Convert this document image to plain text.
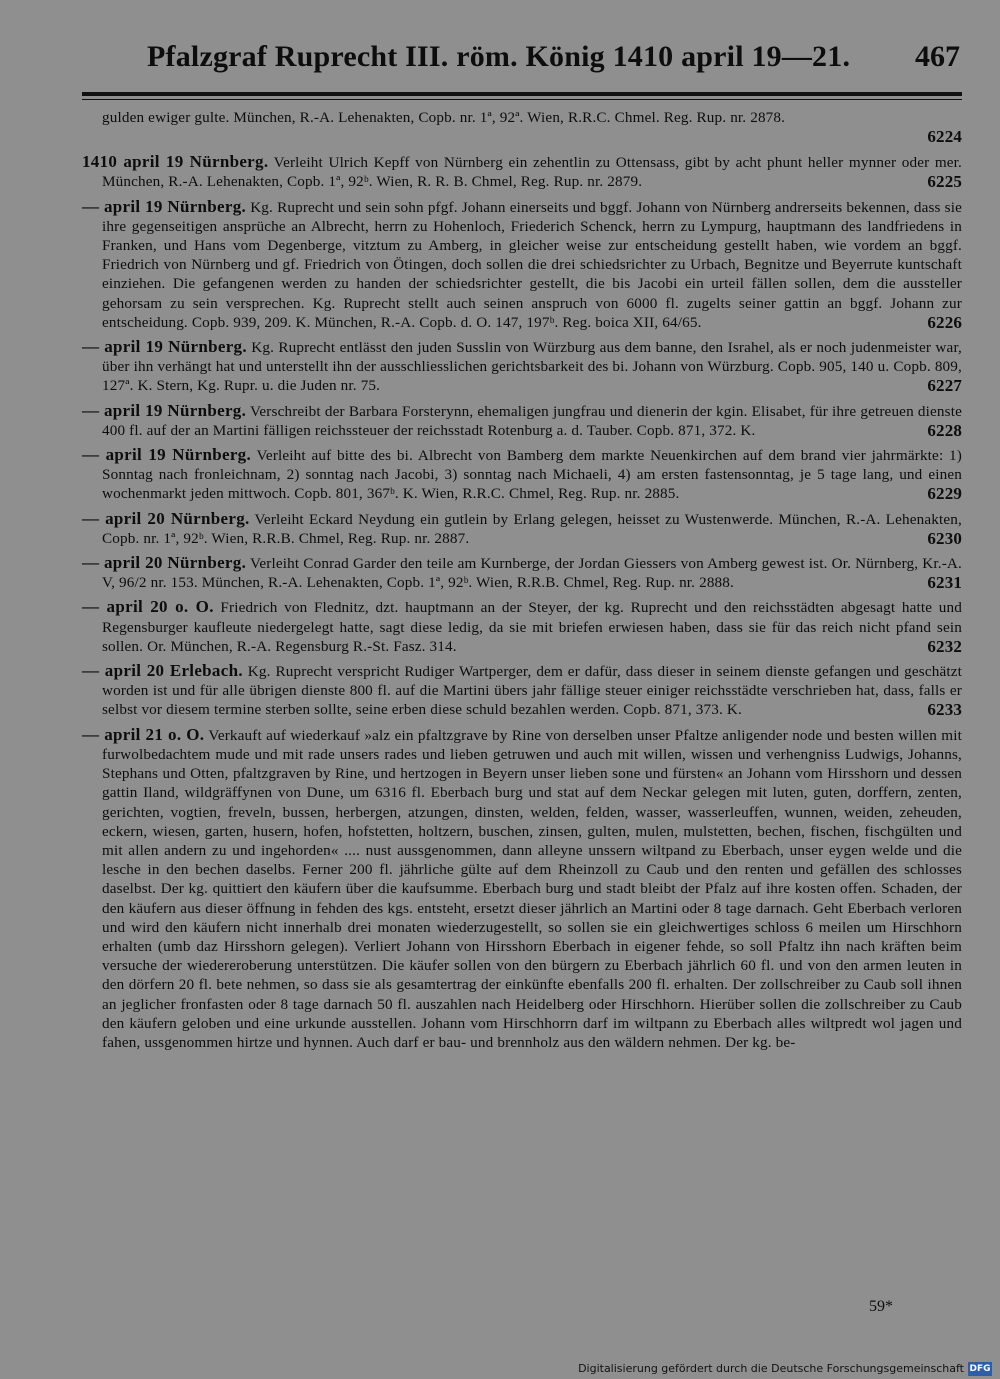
Pfalzgraf Ruprecht III. röm. König 1410 april 19—21. 467
gulden ewiger gulte. München, R.-A. Lehenakten, Copb. nr. 1ª, 92ª. Wien, R.R.C. Chmel. Reg. Rup. nr. 2878.
6224
1410 april 19 Nürnberg. Verleiht Ulrich Kepff von Nürnberg ein zehentlin zu Ottensass, gibt by acht phunt heller mynner oder mer. München, R.-A. Lehenakten, Copb. 1ª, 92ᵇ. Wien, R. R. B. Chmel, Reg. Rup. nr. 2879.	6225
— april 19 Nürnberg. Kg. Ruprecht und sein sohn pfgf. Johann einerseits und bggf. Johann von Nürnberg andrerseits bekennen, dass sie ihre gegenseitigen ansprüche an Albrecht, herrn zu Hohenloch, Friederich Schenck, herrn zu Lympurg, hauptmann des landfriedens in Franken, und Hans vom Degenberge, vitztum zu Amberg, in gleicher weise zur entscheidung gestellt haben, wie vordem an bggf. Friedrich von Nürnberg und gf. Friedrich von Ötingen, doch sollen die drei schiedsrichter zu Urbach, Begnitze und Beyerrute kuntschaft einziehen. Die gefangenen werden zu handen der schiedsrichter gestellt, die bis Jacobi ein urteil fällen sollen, dem die aussteller gehorsam zu sein versprechen. Kg. Ruprecht stellt auch seinen anspruch von 6000 fl. zugelts seiner gattin an bggf. Johann zur entscheidung. Copb. 939, 209. K. München, R.-A. Copb. d. O. 147, 197ᵇ. Reg. boica XII, 64/65.	6226
— april 19 Nürnberg. Kg. Ruprecht entlässt den juden Susslin von Würzburg aus dem banne, den Israhel, als er noch judenmeister war, über ihn verhängt hat und unterstellt ihn der ausschliesslichen gerichtsbarkeit des bi. Johann von Würzburg. Copb. 905, 140 u. Copb. 809, 127ª. K. Stern, Kg. Rupr. u. die Juden nr. 75.	6227
— april 19 Nürnberg. Verschreibt der Barbara Forsterynn, ehemaligen jungfrau und dienerin der kgin. Elisabet, für ihre getreuen dienste 400 fl. auf der an Martini fälligen reichssteuer der reichsstadt Rotenburg a. d. Tauber. Copb. 871, 372. K.	6228
— april 19 Nürnberg. Verleiht auf bitte des bi. Albrecht von Bamberg dem markte Neuenkirchen auf dem brand vier jahrmärkte: 1) Sonntag nach fronleichnam, 2) sonntag nach Jacobi, 3) sonntag nach Michaeli, 4) am ersten fastensonntag, je 5 tage lang, und einen wochenmarkt jeden mittwoch. Copb. 801, 367ᵇ. K. Wien, R.R.C. Chmel, Reg. Rup. nr. 2885.	6229
— april 20 Nürnberg. Verleiht Eckard Neydung ein gutlein by Erlang gelegen, heisset zu Wustenwerde. München, R.-A. Lehenakten, Copb. nr. 1ª, 92ᵇ. Wien, R.R.B. Chmel, Reg. Rup. nr. 2887.	6230
— april 20 Nürnberg. Verleiht Conrad Garder den teile am Kurnberge, der Jordan Giessers von Amberg gewest ist. Or. Nürnberg, Kr.-A. V, 96/2 nr. 153. München, R.-A. Lehenakten, Copb. 1ª, 92ᵇ. Wien, R.R.B. Chmel, Reg. Rup. nr. 2888.	6231
— april 20 o. O. Friedrich von Flednitz, dzt. hauptmann an der Steyer, der kg. Ruprecht und den reichsstädten abgesagt hatte und Regensburger kaufleute niedergelegt hatte, sagt diese ledig, da sie mit briefen erwiesen haben, dass sie für das reich nicht pfand sein sollen. Or. München, R.-A. Regensburg R.-St. Fasz. 314.	6232
— april 20 Erlebach. Kg. Ruprecht verspricht Rudiger Wartperger, dem er dafür, dass dieser in seinem dienste gefangen und geschätzt worden ist und für alle übrigen dienste 800 fl. auf die Martini übers jahr fällige steuer einiger reichsstädte verschrieben hat, dass, falls er selbst vor diesem termine sterben sollte, seine erben diese schuld bezahlen werden. Copb. 871, 373. K.	6233
— april 21 o. O. Verkauft auf wiederkauf »alz ein pfaltzgrave by Rine von derselben unser Pfaltze anligender node und besten willen mit furwolbedachtem mude und mit rade unsers rades und lieben getruwen und auch mit willen, wissen und verhengniss Ludwigs, Johanns, Stephans und Otten, pfaltzgraven by Rine, und hertzogen in Beyern unser lieben sone und fürsten« an Johann vom Hirsshorn und dessen gattin Iland, wildgräffynen von Dune, um 6316 fl. Eberbach burg und stat auf dem Neckar gelegen mit luten, guten, dorffern, zenten, gerichten, vogtien, freveln, bussen, herbergen, atzungen, dinsten, welden, felden, wasser, wasserleuffen, wunnen, weiden, zeheuden, eckern, wiesen, garten, husern, hofen, hofstetten, holtzern, buschen, zinsen, gulten, mulen, mulstetten, bechen, fischen, fischgülten und mit allen andern zu und ingehorden« .... nust aussgenommen, dann alleyne unssern wiltpand zu Eberbach, unser eygen welde und die lesche in den bechen daselbs. Ferner 200 fl. jährliche gülte auf dem Rheinzoll zu Caub und den renten und gefällen des schlosses daselbst. Der kg. quittiert den käufern über die kaufsumme. Eberbach burg und stadt bleibt der Pfalz auf ihre kosten offen. Schaden, der den käufern aus dieser öffnung in fehden des kgs. entsteht, ersetzt dieser jährlich an Martini oder 8 tage darnach. Geht Eberbach verloren und wird den käufern nicht innerhalb drei monaten wiederzugestellt, so sollen sie ein gleichwertiges schloss 6 meilen um Hirschhorn erhalten (umb daz Hirsshorn gelegen). Verliert Johann von Hirsshorn Eberbach in eigener fehde, so soll Pfaltz ihn nach kräften beim versuche der wiedereroberung unterstützen. Die käufer sollen von den bürgern zu Eberbach jährlich 60 fl. und von den armen leuten in den dörfern 20 fl. bete nehmen, so dass sie als gesamtertrag der einkünfte ebenfalls 200 fl. erhalten. Der zollschreiber zu Caub soll ihnen an jeglicher fronfasten oder 8 tage darnach 50 fl. auszahlen nach Heidelberg oder Hirschhorn. Hierüber sollen die zollschreiber zu Caub den käufern geloben und eine urkunde ausstellen. Johann vom Hirschhorrn darf im wiltpann zu Eberbach alles wiltpredt wol jagen und fahen, ussgenommen hirtze und hynnen. Auch darf er bau- und brennholz aus den wäldern nehmen. Der kg. be-
59*
Digitalisierung gefördert durch die Deutsche Forschungsgemeinschaft DFG
